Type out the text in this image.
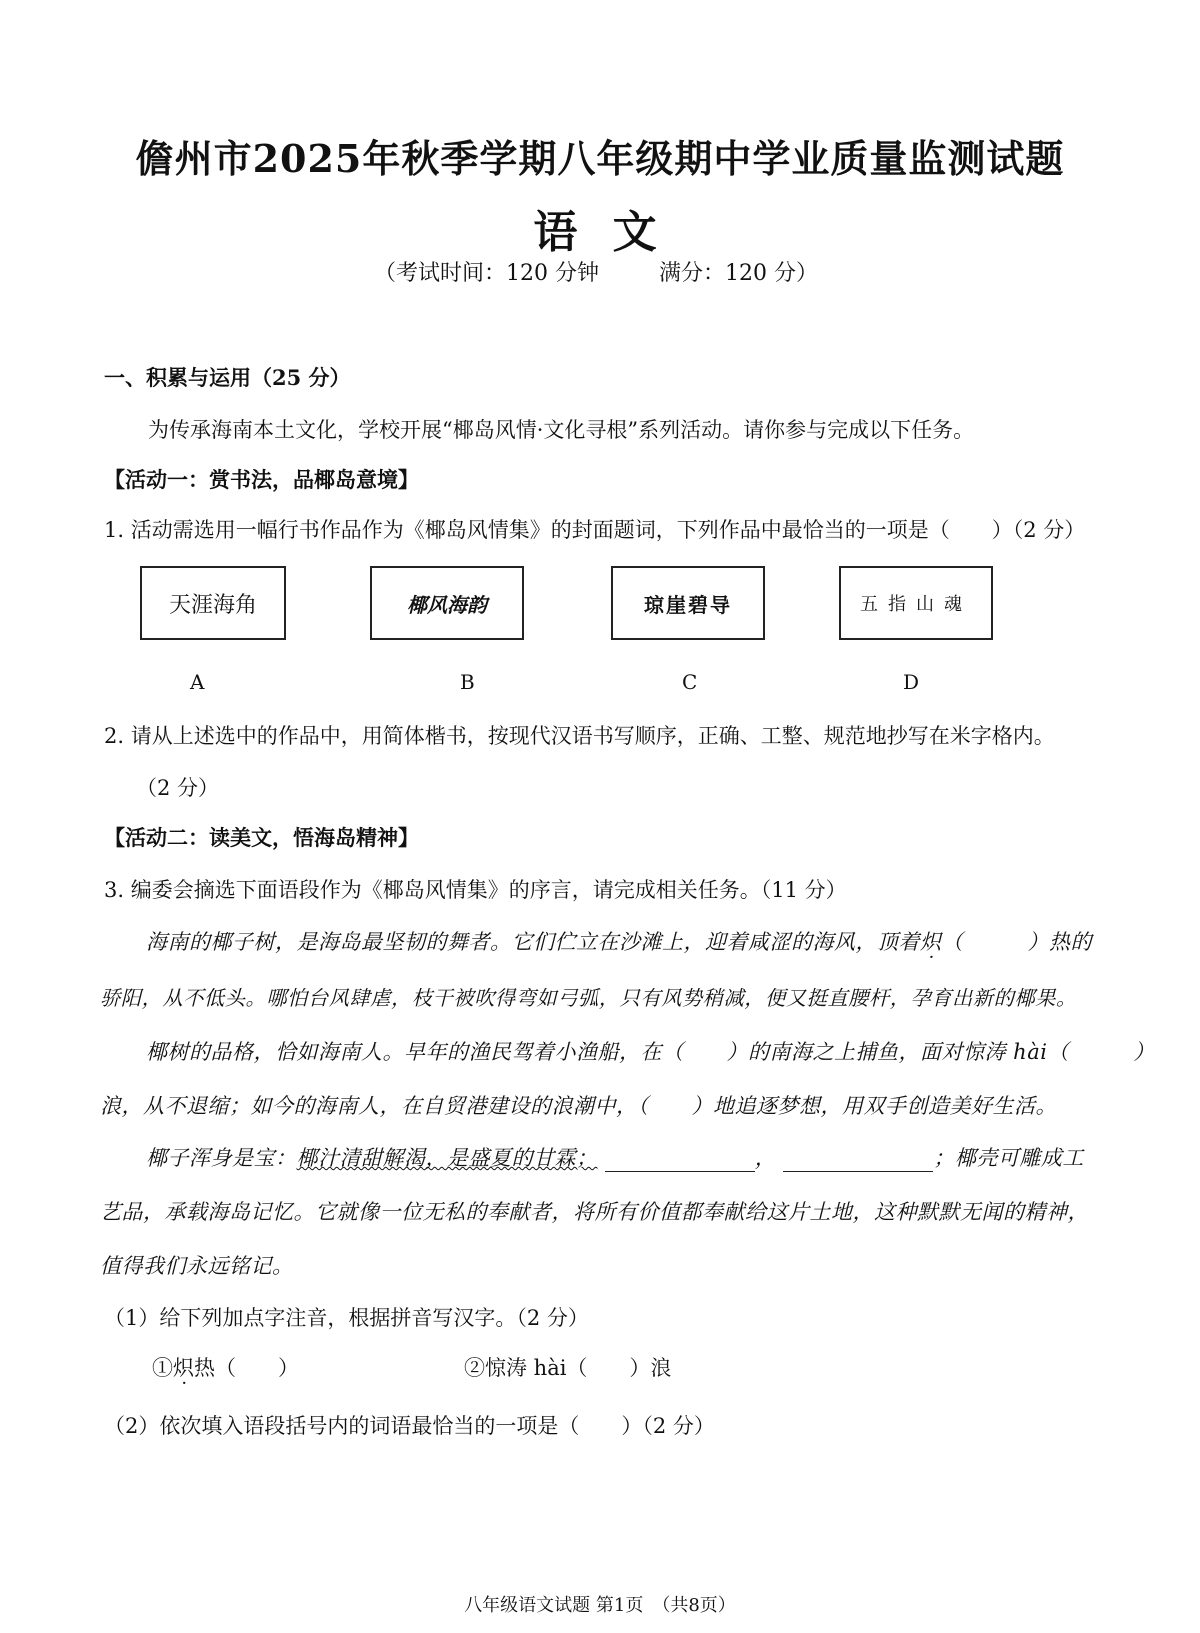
儋州市2025年秋季学期八年级期中学业质量监测试题
语 文
（考试时间：120 分钟	满分：120 分）
一、积累与运用（25 分）
为传承海南本土文化，学校开展“椰岛风情·文化寻根”系列活动。请你参与完成以下任务。
【活动一：赏书法，品椰岛意境】
1. 活动需选用一幅行书作品作为《椰岛风情集》的封面题词，下列作品中最恰当的一项是（　　）（2 分）
天涯海角	椰风海韵	琼崖碧导	五指山魂
A	B	C	D
2. 请从上述选中的作品中，用简体楷书，按现代汉语书写顺序，正确、工整、规范地抄写在米字格内。
（2 分）
【活动二：读美文，悟海岛精神】
3. 编委会摘选下面语段作为《椰岛风情集》的序言，请完成相关任务。（11 分）
海南的椰子树，是海岛最坚韧的舞者。它们伫立在沙滩上，迎着咸涩的海风，顶着炽（　　　）热的
骄阳，从不低头。哪怕台风肆虐，枝干被吹得弯如弓弧，只有风势稍减，便又挺直腰杆，孕育出新的椰果。
椰树的品格，恰如海南人。早年的渔民驾着小渔船，在（　　）的南海之上捕鱼，面对惊涛 hài（　　　）
浪，从不退缩；如今的海南人，在自贸港建设的浪潮中，（　　）地追逐梦想，用双手创造美好生活。
椰子浑身是宝：椰汁清甜解渴，是盛夏的甘霖；	，	；椰壳可雕成工
艺品，承载海岛记忆。它就像一位无私的奉献者，将所有价值都奉献给这片土地，这种默默无闻的精神，
值得我们永远铭记。
（1）给下列加点字注音，根据拼音写汉字。（2 分）
①炽热（　　）	②惊涛 hài（　　）浪
（2）依次填入语段括号内的词语最恰当的一项是（　　）（2 分）
八年级语文试题 第1页　（共8页）
